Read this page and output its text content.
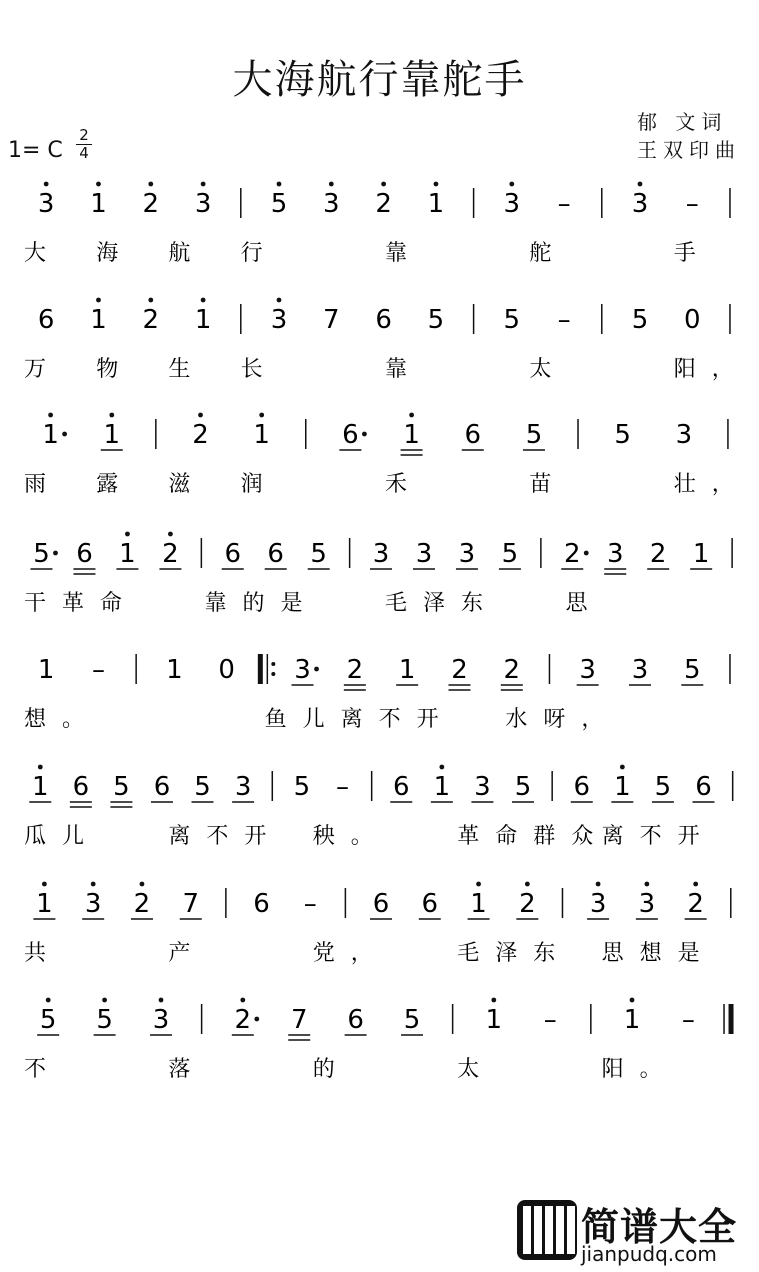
大海航行靠舵手
郁 文词
王双印曲
1= C
2
4
3 1 2 3 5 3 2 1 3 – 3 –
大 海 航 行	靠	舵	手
6 1 2 1 3 7 6 5 5 – 5 0
万 物 生 长	靠	太	阳，
1 1	2 1	6 1 6 5	5 3
雨 露 滋 润	禾	苗	壮，
5 6 1 2 6 6 5 3 3 3 5 2 3 2 1
干革命	靠的是	毛泽东	思
1 – 1 0 3 2 1 2 2 3 3 5
想。	鱼儿离不开 水呀，
1 6 5 6 5 3 5 – 6 1 3 5 6 1 5 6
瓜儿	离不开 秧。	革命群众
离不开
1 3 2 7 6 – 6 6 1 2 3 3 2
共	产	党，	毛泽东 思想是
5 5 3	2 7 6 5	1 –	1 –
不	落	的	太	阳。
简谱大全
jianpudq.com
